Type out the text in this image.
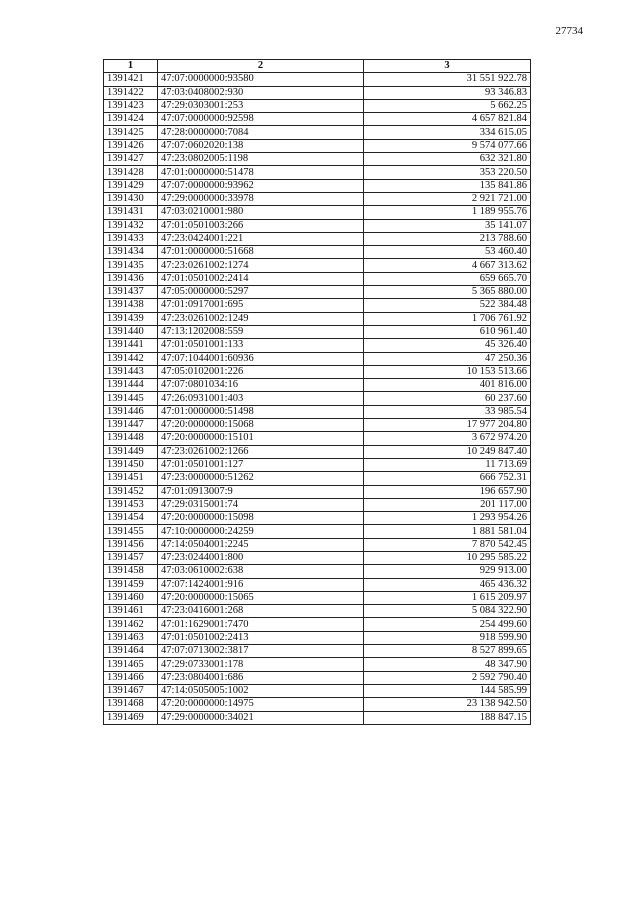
27734
1	2	3
1391421	47:07:0000000:93580	31 551 922.78
1391422	47:03:0408002:930	93 346.83
1391423	47:29:0303001:253	5 662.25
1391424	47:07:0000000:92598	4 657 821.84
1391425	47:28:0000000:7084	334 615.05
1391426	47:07:0602020:138	9 574 077.66
1391427	47:23:0802005:1198	632 321.80
1391428	47:01:0000000:51478	353 220.50
1391429	47:07:0000000:93962	135 841.86
1391430	47:29:0000000:33978	2 921 721.00
1391431	47:03:0210001:980	1 189 955.76
1391432	47:01:0501003:266	35 141.07
1391433	47:23:0424001:221	213 788.60
1391434	47:01:0000000:51668	53 460.40
1391435	47:23:0261002:1274	4 667 313.62
1391436	47:01:0501002:2414	659 665.70
1391437	47:05:0000000:5297	5 365 880.00
1391438	47:01:0917001:695	522 384.48
1391439	47:23:0261002:1249	1 706 761.92
1391440	47:13:1202008:559	610 961.40
1391441	47:01:0501001:133	45 326.40
1391442	47:07:1044001:60936	47 250.36
1391443	47:05:0102001:226	10 153 513.66
1391444	47:07:0801034:16	401 816.00
1391445	47:26:0931001:403	60 237.60
1391446	47:01:0000000:51498	33 985.54
1391447	47:20:0000000:15068	17 977 204.80
1391448	47:20:0000000:15101	3 672 974.20
1391449	47:23:0261002:1266	10 249 847.40
1391450	47:01:0501001:127	11 713.69
1391451	47:23:0000000:51262	666 752.31
1391452	47:01:0913007:9	196 657.90
1391453	47:29:0315001:74	201 117.00
1391454	47:20:0000000:15098	1 293 954.26
1391455	47:10:0000000:24259	1 881 581.04
1391456	47:14:0504001:2245	7 870 542.45
1391457	47:23:0244001:800	10 295 585.22
1391458	47:03:0610002:638	929 913.00
1391459	47:07:1424001:916	465 436.32
1391460	47:20:0000000:15065	1 615 209.97
1391461	47:23:0416001:268	5 084 322.90
1391462	47:01:1629001:7470	254 499.60
1391463	47:01:0501002:2413	918 599.90
1391464	47:07:0713002:3817	8 527 899.65
1391465	47:29:0733001:178	48 347.90
1391466	47:23:0804001:686	2 592 790.40
1391467	47:14:0505005:1002	144 585.99
1391468	47:20:0000000:14975	23 138 942.50
1391469	47:29:0000000:34021	188 847.15
